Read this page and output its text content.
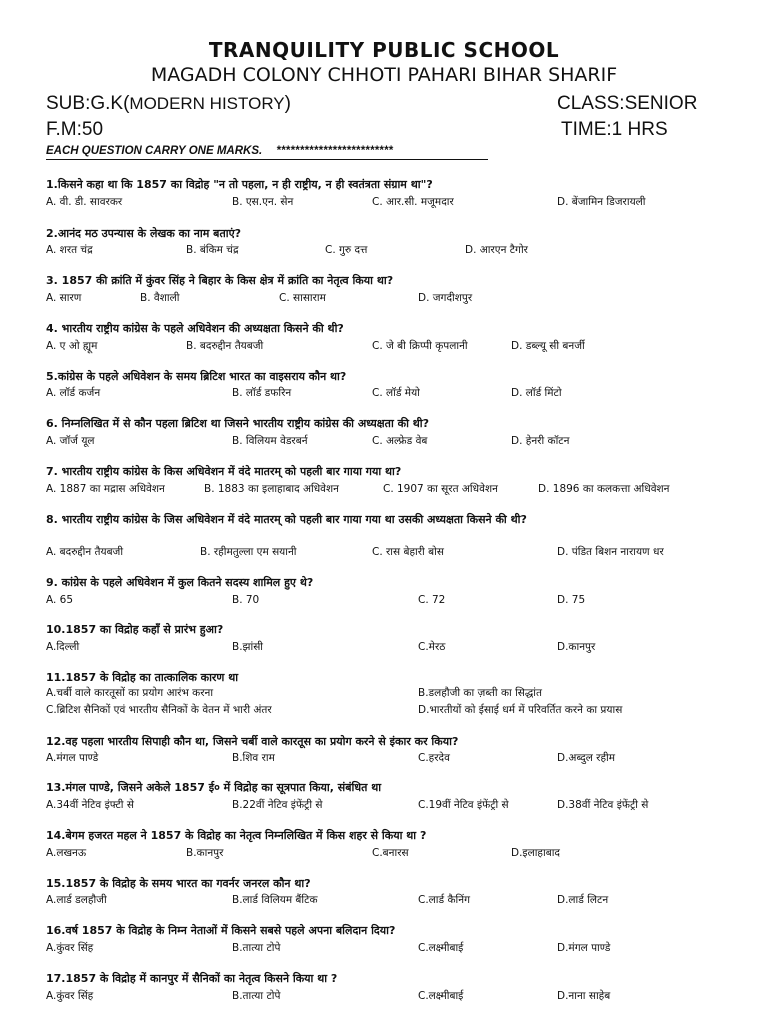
TRANQUILITY PUBLIC SCHOOL
MAGADH COLONY CHHOTI PAHARI BIHAR SHARIF
SUB:G.K(MODERN HISTORY)	CLASS:SENIOR
F.M:50	TIME:1 HRS
EACH QUESTION CARRY ONE MARKS. *************************
1.किसने कहा था कि 1857 का विद्रोह "न तो पहला, न ही राष्ट्रीय, न ही स्वतंत्रता संग्राम था"?
A. वी. डी. सावरकर	B. एस.एन. सेन	C. आर.सी. मजूमदार	D. बेंजामिन डिजरायली
2.आनंद मठ उपन्यास के लेखक का नाम बताएं?
A. शरत चंद्र	B. बंकिम चंद्र	C. गुरु दत्त	D. आरएन टैगोर
3. 1857 की क्रांति में कुंवर सिंह ने बिहार के किस क्षेत्र में क्रांति का नेतृत्व किया था?
A. सारण	B. वैशाली	C. सासाराम	D. जगदीशपुर
4. भारतीय राष्ट्रीय कांग्रेस के पहले अधिवेशन की अध्यक्षता किसने की थी?
A. ए ओ ह्यूम	B. बदरुद्दीन तैयबजी	C. जे बी क्रिप्पी कृपलानी	D. डब्ल्यू सी बनर्जी
5.कांग्रेस के पहले अधिवेशन के समय ब्रिटिश भारत का वाइसराय कौन था?
A. लॉर्ड कर्जन	B. लॉर्ड डफरिन	C. लॉर्ड मेयो	D. लॉर्ड मिंटो
6. निम्नलिखित में से कौन पहला ब्रिटिश था जिसने भारतीय राष्ट्रीय कांग्रेस की अध्यक्षता की थी?
A. जॉर्ज यूल	B. विलियम वेडरबर्न	C. अल्फ्रेड वेब	D. हेनरी कॉटन
7. भारतीय राष्ट्रीय कांग्रेस के किस अधिवेशन में वंदे मातरम् को पहली बार गाया गया था?
A. 1887 का मद्रास अधिवेशन	B. 1883 का इलाहाबाद अधिवेशन	C. 1907 का सूरत अधिवेशन	D. 1896 का कलकत्ता अधिवेशन
8. भारतीय राष्ट्रीय कांग्रेस के जिस अधिवेशन में वंदे मातरम् को पहली बार गाया गया था उसकी अध्यक्षता किसने की थी?
A. बदरुद्दीन तैयबजी	B. रहीमतुल्ला एम सयानी	C. रास बेहारी बोस	D. पंडित बिशन नारायण धर
9. कांग्रेस के पहले अधिवेशन में कुल कितने सदस्य शामिल हुए थे?
A. 65	B. 70	C. 72	D. 75
10.1857 का विद्रोह कहाँ से प्रारंभ हुआ?
A.दिल्ली	B.झांसी	C.मेरठ	D.कानपुर
11.1857 के विद्रोह का तात्कालिक कारण था
A.चर्बी वाले कारतूसों का प्रयोग आरंभ करना	B.डलहौजी का ज़ब्ती का सिद्धांत
C.ब्रिटिश सैनिकों एवं भारतीय सैनिकों के वेतन में भारी अंतर	D.भारतीयों को ईसाई धर्म में परिवर्तित करने का प्रयास
12.वह पहला भारतीय सिपाही कौन था, जिसने चर्बी वाले कारतूस का प्रयोग करने से इंकार कर किया?
A.मंगल पाण्डे	B.शिव राम	C.हरदेव	D.अब्दुल रहीम
13.मंगल पाण्डे, जिसने अकेले 1857 ई० में विद्रोह का सूत्रपात किया, संबंधित था
A.34वीं नेटिव इंफ्टी से	B.22वीं नेटिव इंफेंट्री से	C.19वीं नेटिव इंफेंट्री से	D.38वीं नेटिव इंफेंट्री से
14.बेगम हजरत महल ने 1857 के विद्रोह का नेतृत्व निम्नलिखित में किस शहर से किया था ?
A.लखनऊ	B.कानपुर	C.बनारस	D.इलाहाबाद
15.1857 के विद्रोह के समय भारत का गवर्नर जनरल कौन था?
A.लार्ड डलहौजी	B.लार्ड विलियम बैंटिक	C.लार्ड कैनिंग	D.लार्ड लिटन
16.वर्ष 1857 के विद्रोह के निम्न नेताओं में किसने सबसे पहले अपना बलिदान दिया?
A.कुंवर सिंह	B.तात्या टोपे	C.लक्ष्मीबाई	D.मंगल पाण्डे
17.1857 के विद्रोह में कानपुर में सैनिकों का नेतृत्व किसने किया था ?
A.कुंवर सिंह	B.तात्या टोपे	C.लक्ष्मीबाई	D.नाना साहेब
